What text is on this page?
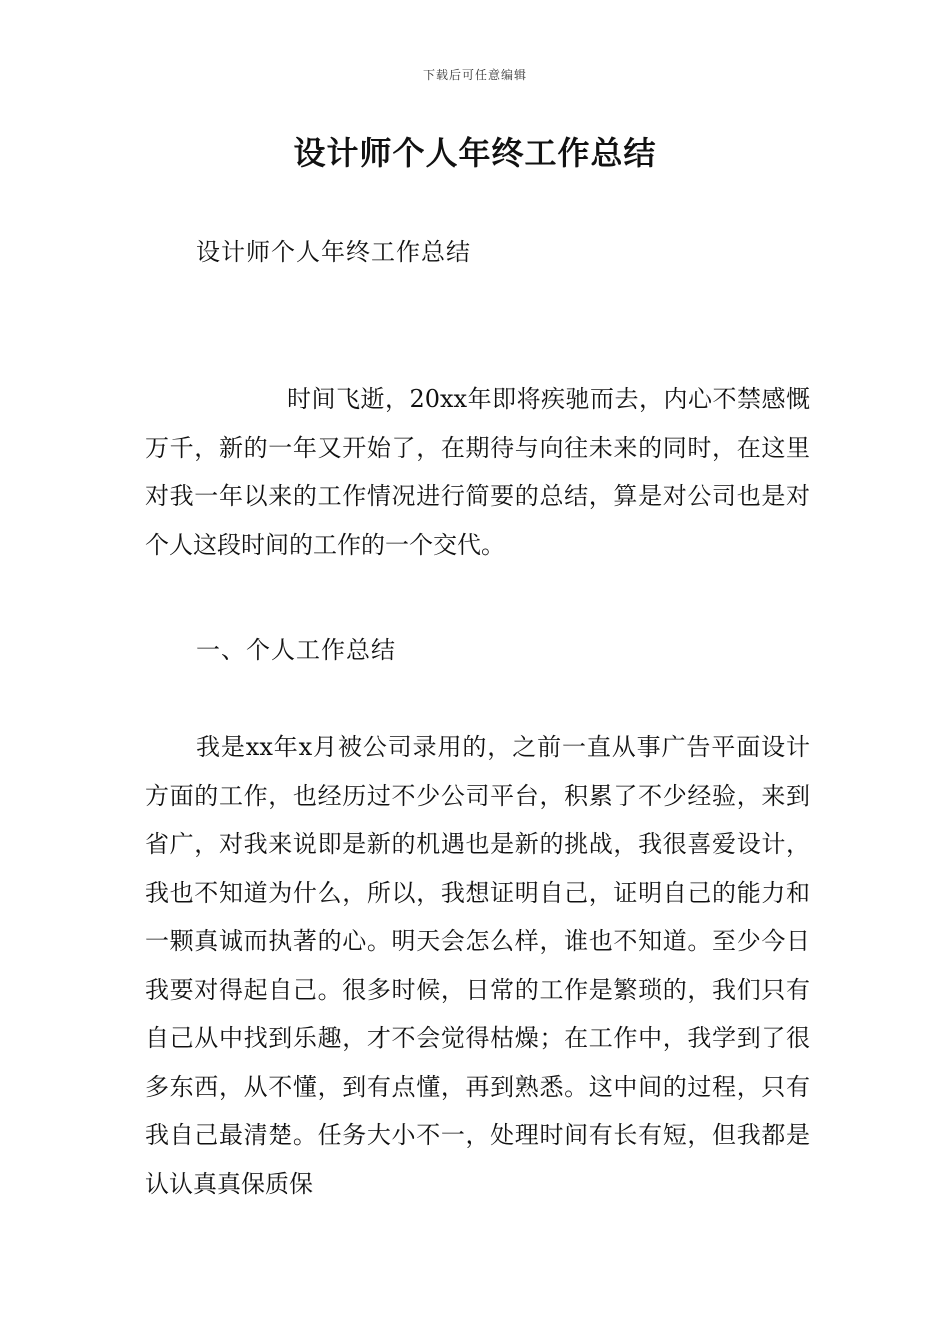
下载后可任意编辑
设计师个人年终工作总结
设计师个人年终工作总结

时间飞逝，20xx年即将疾驰而去，内心不禁感慨万千，新的一年又开始了，在期待与向往未来的同时，在这里对我一年以来的工作情况进行简要的总结，算是对公司也是对个人这段时间的工作的一个交代。

一、个人工作总结

我是xx年x月被公司录用的，之前一直从事广告平面设计方面的工作，也经历过不少公司平台，积累了不少经验，来到省广，对我来说即是新的机遇也是新的挑战，我很喜爱设计，我也不知道为什么，所以，我想证明自己，证明自己的能力和一颗真诚而执著的心。明天会怎么样，谁也不知道。至少今日我要对得起自己。很多时候，日常的工作是繁琐的，我们只有自己从中找到乐趣，才不会觉得枯燥；在工作中，我学到了很多东西，从不懂，到有点懂，再到熟悉。这中间的过程，只有我自己最清楚。任务大小不一，处理时间有长有短，但我都是认认真真保质保
